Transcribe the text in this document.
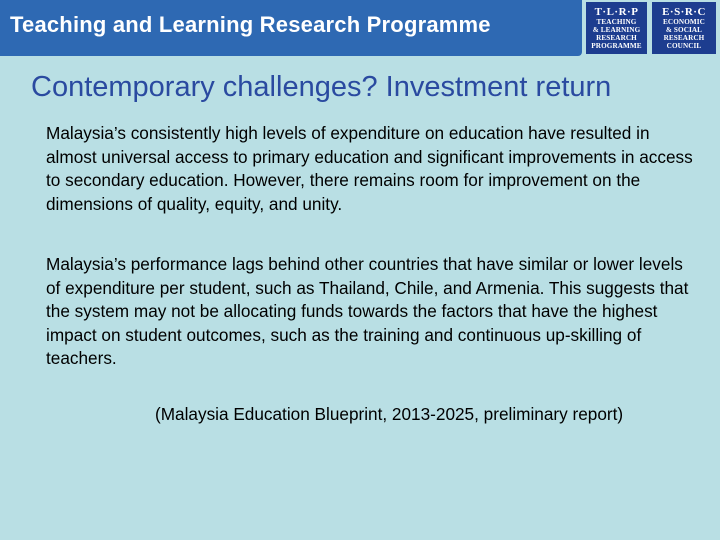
Teaching and Learning Research Programme	T·L·R·P
TEACHING
& LEARNING
RESEARCH
PROGRAMME
E·S·R·C
ECONOMIC
& SOCIAL
RESEARCH
COUNCIL
Contemporary challenges? Investment return

Malaysia’s consistently high levels of expenditure on education have resulted in almost universal access to primary education and significant improvements in access to secondary education. However, there remains room for improvement on the dimensions of quality, equity, and unity.

Malaysia’s performance lags behind other countries that have similar or lower levels of expenditure per student, such as Thailand, Chile, and Armenia. This suggests that the system may not be allocating funds towards the factors that have the highest impact on student outcomes, such as the training and continuous up-skilling of teachers.

(Malaysia Education Blueprint, 2013-2025, preliminary report)
